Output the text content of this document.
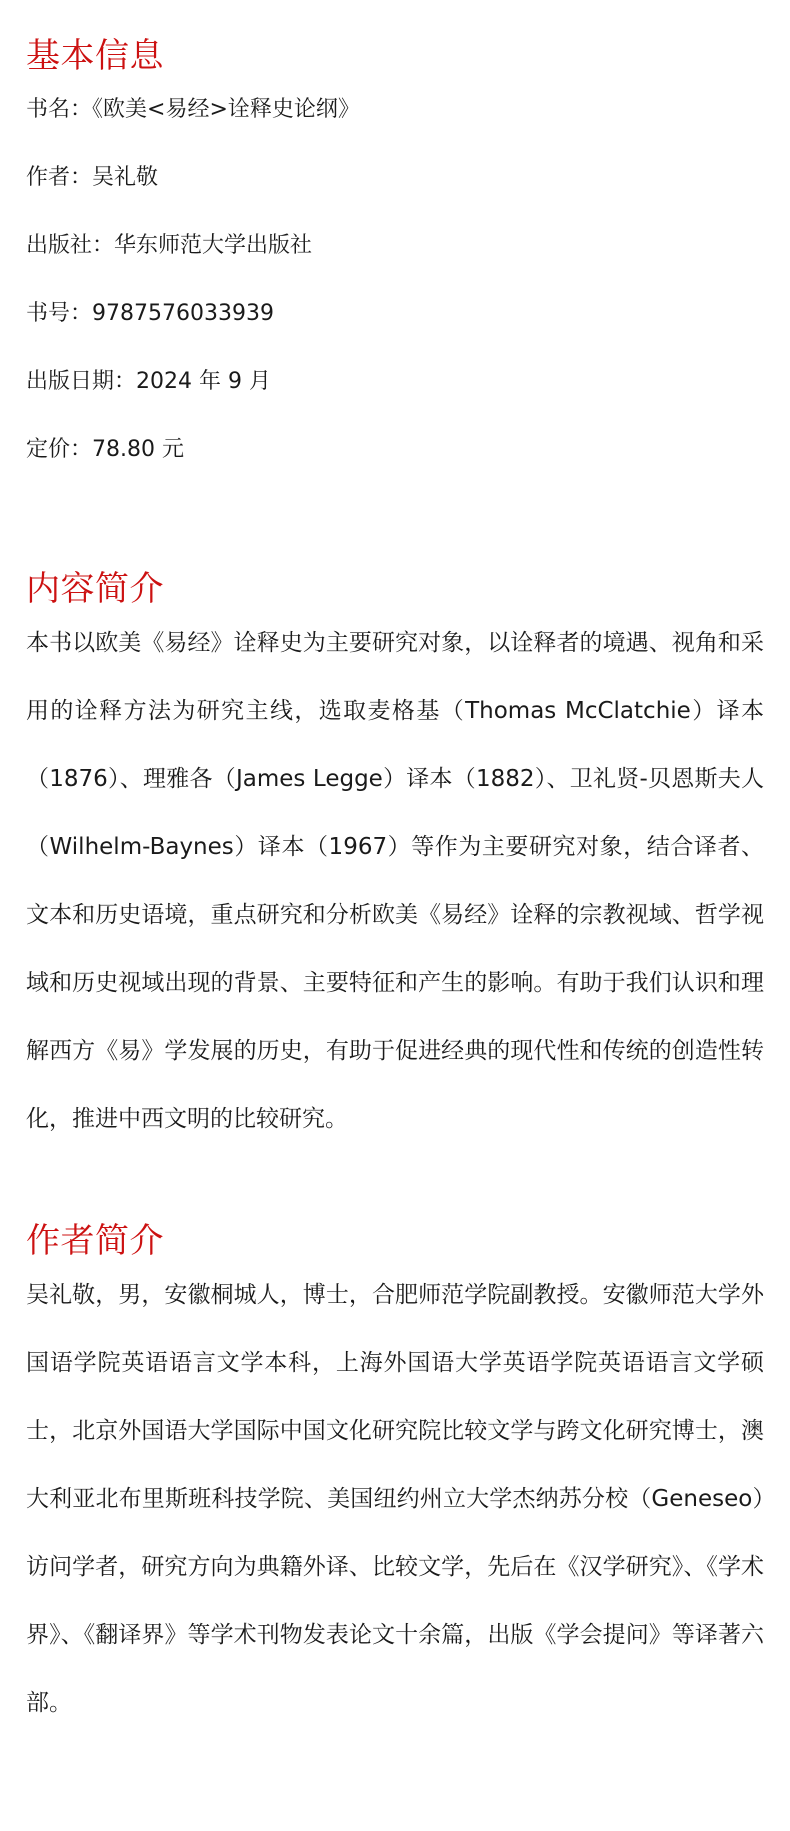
基本信息
书名：《欧美<易经>诠释史论纲》
作者：吴礼敬
出版社：华东师范大学出版社
书号：9787576033939
出版日期：2024 年 9 月
定价：78.80 元
内容简介

本书以欧美《易经》诠释史为主要研究对象，以诠释者的境遇、视角和采用的诠释方法为研究主线，选取麦格基（Thomas McClatchie）译本（1876）、理雅各（James Legge）译本（1882）、卫礼贤-贝恩斯夫人（Wilhelm-Baynes）译本（1967）等作为主要研究对象，结合译者、文本和历史语境，重点研究和分析欧美《易经》诠释的宗教视域、哲学视域和历史视域出现的背景、主要特征和产生的影响。有助于我们认识和理解西方《易》学发展的历史，有助于促进经典的现代性和传统的创造性转化，推进中西文明的比较研究。

作者简介

吴礼敬，男，安徽桐城人，博士，合肥师范学院副教授。安徽师范大学外国语学院英语语言文学本科，上海外国语大学英语学院英语语言文学硕士，北京外国语大学国际中国文化研究院比较文学与跨文化研究博士，澳大利亚北布里斯班科技学院、美国纽约州立大学杰纳苏分校（Geneseo）访问学者，研究方向为典籍外译、比较文学，先后在《汉学研究》、《学术界》、《翻译界》等学术刊物发表论文十余篇，出版《学会提问》等译著六部。
